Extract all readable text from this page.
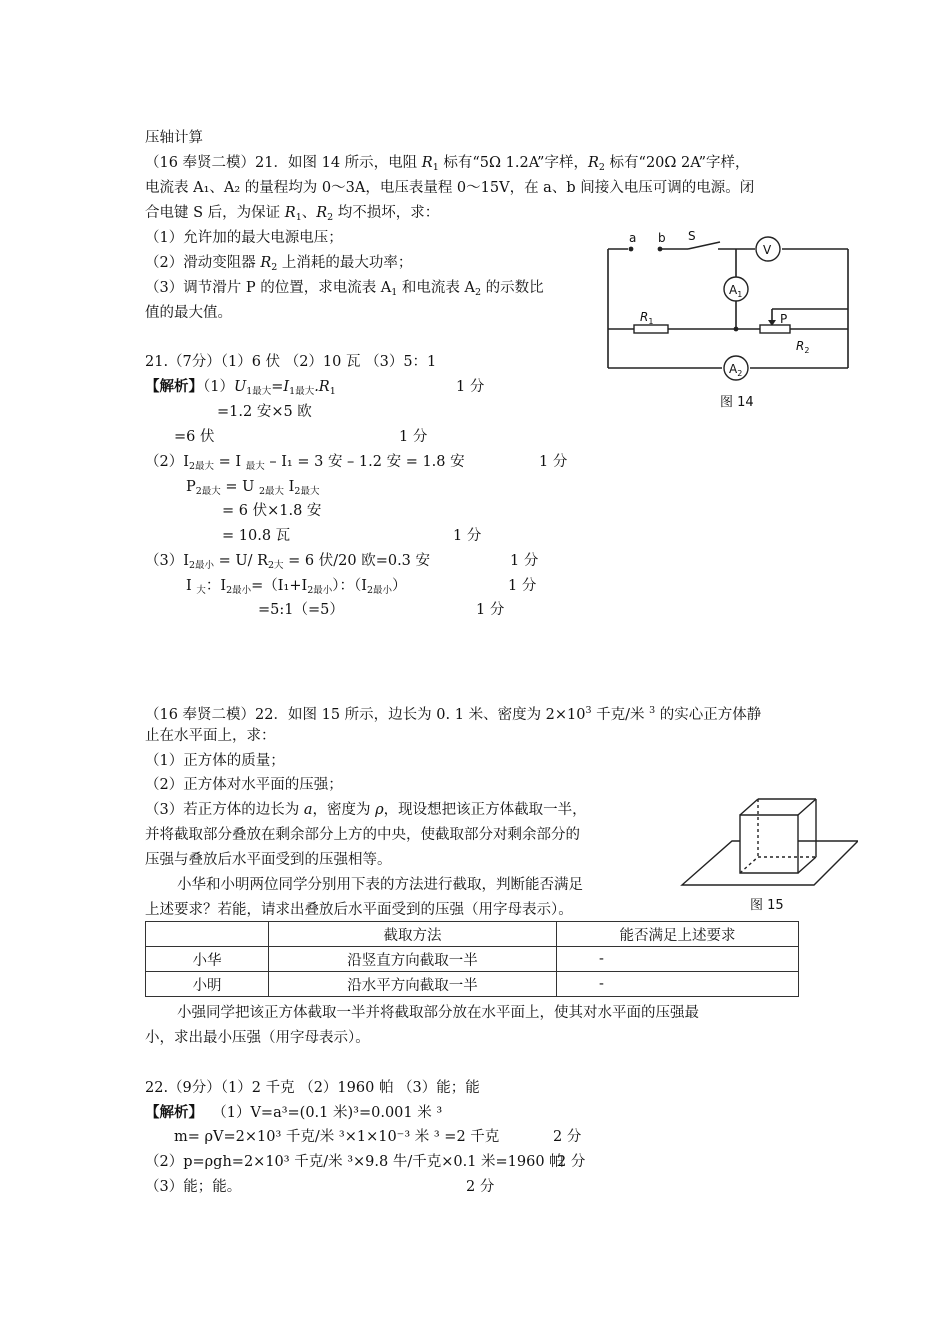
压轴计算
（16 奉贤二模）21．如图 14 所示，电阻 $R_1$ 标有“5Ω 1.2A”字样，$R_2$ 标有“20Ω 2A”字样，
电流表 A₁、A₂ 的量程均为 0～3A，电压表量程 0～15V，在 a、b 间接入电压可调的电源。闭
合电键 S 后，为保证 $R_1$、$R_2$ 均不损坏，求：
（1）允许加的最大电源电压；
（2）滑动变阻器 $R_2$ 上消耗的最大功率；
（3）调节滑片 P 的位置，求电流表 $A_1$ 和电流表 $A_2$ 的示数比
值的最大值。
a b S
V
$A_1$
$A_2$
$R_1$
$R_2$
P
图 14
21.（7分）（1）6 伏 （2）10 瓦 （3）5：1
【解析】$(1)U_{1最大}=I_{1最大}.R_1$	1 分
=1.2 安×5 欧
=6 伏	1 分
$(2)I_{2最大} = I$ $_{最大}$ – I₁ = 3 安 – 1.2 安 = 1.8 安	1 分
$P_{2最大} = U$ $_{2最大}$ $I_{2最大}$
= 6 伏×1.8 安
= 10.8 瓦	1 分
$(3)I_{2最小} = U/$ $R_{2大} = 6$ 伏/20 欧=0.3 安	1 分
I $_大$：$I_{2最小}=(I_1+I_{2最小})$：$(I_{2最小})$	1 分
=5:1（=5）	1 分
（16 奉贤二模）22．如图 15 所示，边长为 0. 1 米、密度为 $2\times 10^3$ 千克/米 $^3$ 的实心正方体静
止在水平面上，求：
（1）正方体的质量；
（2）正方体对水平面的压强；
（3）若正方体的边长为 a，密度为 ρ，现设想把该正方体截取一半，
并将截取部分叠放在剩余部分上方的中央，使截取部分对剩余部分的
压强与叠放后水平面受到的压强相等。
小华和小明两位同学分别用下表的方法进行截取，判断能否满足
上述要求？若能，请求出叠放后水平面受到的压强（用字母表示）。	图 15
	截取方法	能否满足上述要求
小华	沿竖直方向截取一半	-
小明	沿水平方向截取一半	-
小强同学把该正方体截取一半并将截取部分放在水平面上，使其对水平面的压强最
小，求出最小压强（用字母表示）。
22.（9分）（1）2 千克 （2）1960 帕 （3）能；能
【解析】 （1）V=a³=(0.1 米)³=0.001 米 ³
m= ρV=2×10³ 千克/米 ³×1×10⁻³ 米 ³ =2 千克	2 分
（2）p=ρgh=2×10³ 千克/米 ³×9.8 牛/千克×0.1 米=1960 帕
2 分
（3）能；能。	2 分
